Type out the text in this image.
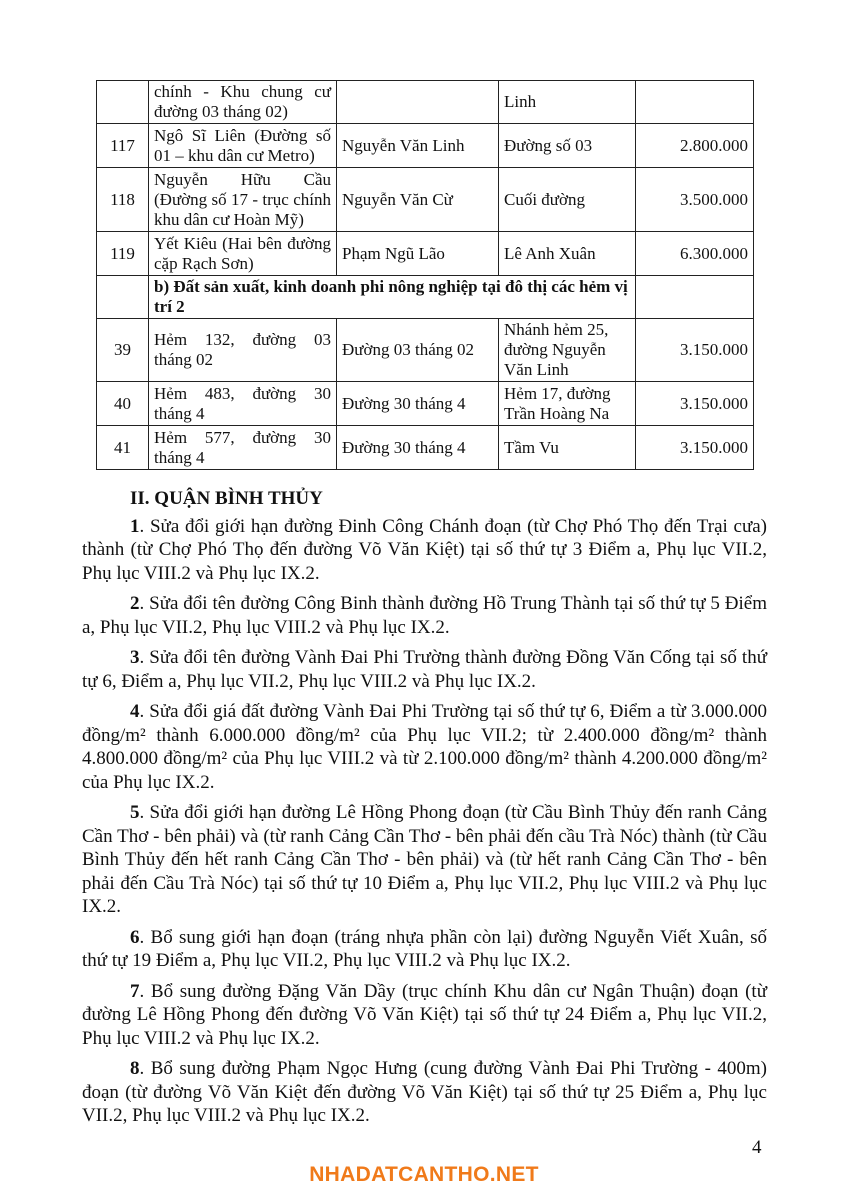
	chính - Khu chung cư đường 03 tháng 02)		Linh	
117	Ngô Sĩ Liên (Đường số 01 – khu dân cư Metro)	Nguyễn Văn Linh	Đường số 03	2.800.000
118	Nguyễn Hữu Cầu (Đường số 17 - trục chính khu dân cư Hoàn Mỹ)	Nguyễn Văn Cừ	Cuối đường	3.500.000
119	Yết Kiêu (Hai bên đường cặp Rạch Sơn)	Phạm Ngũ Lão	Lê Anh Xuân	6.300.000
	b) Đất sản xuất, kinh doanh phi nông nghiệp tại đô thị các hẻm vị trí 2			
39	Hẻm 132, đường 03 tháng 02	Đường 03 tháng 02	Nhánh hẻm 25, đường Nguyễn Văn Linh	3.150.000
40	Hẻm 483, đường 30 tháng 4	Đường 30 tháng 4	Hẻm 17, đường Trần Hoàng Na	3.150.000
41	Hẻm 577, đường 30 tháng 4	Đường 30 tháng 4	Tầm Vu	3.150.000
II. QUẬN BÌNH THỦY

1. Sửa đổi giới hạn đường Đinh Công Chánh đoạn (từ Chợ Phó Thọ đến Trại cưa) thành (từ Chợ Phó Thọ đến đường Võ Văn Kiệt) tại số thứ tự 3 Điểm a, Phụ lục VII.2, Phụ lục VIII.2 và Phụ lục IX.2.

2. Sửa đổi tên đường Công Binh thành đường Hồ Trung Thành tại số thứ tự 5 Điểm a, Phụ lục VII.2, Phụ lục VIII.2 và Phụ lục IX.2.

3. Sửa đổi tên đường Vành Đai Phi Trường thành đường Đồng Văn Cống tại số thứ tự 6, Điểm a, Phụ lục VII.2, Phụ lục VIII.2 và Phụ lục IX.2.

4. Sửa đổi giá đất đường Vành Đai Phi Trường tại số thứ tự 6, Điểm a từ 3.000.000 đồng/m² thành 6.000.000 đồng/m² của Phụ lục VII.2; từ 2.400.000 đồng/m² thành 4.800.000 đồng/m² của Phụ lục VIII.2 và từ 2.100.000 đồng/m² thành 4.200.000 đồng/m² của Phụ lục IX.2.

5. Sửa đổi giới hạn đường Lê Hồng Phong đoạn (từ Cầu Bình Thủy đến ranh Cảng Cần Thơ - bên phải) và (từ ranh Cảng Cần Thơ - bên phải đến cầu Trà Nóc) thành (từ Cầu Bình Thủy đến hết ranh Cảng Cần Thơ - bên phải) và (từ hết ranh Cảng Cần Thơ - bên phải đến Cầu Trà Nóc) tại số thứ tự 10 Điểm a, Phụ lục VII.2, Phụ lục VIII.2 và Phụ lục IX.2.

6. Bổ sung giới hạn đoạn (tráng nhựa phần còn lại) đường Nguyễn Viết Xuân, số thứ tự 19 Điểm a, Phụ lục VII.2, Phụ lục VIII.2 và Phụ lục IX.2.

7. Bổ sung đường Đặng Văn Dầy (trục chính Khu dân cư Ngân Thuận) đoạn (từ đường Lê Hồng Phong đến đường Võ Văn Kiệt) tại số thứ tự 24 Điểm a, Phụ lục VII.2, Phụ lục VIII.2 và Phụ lục IX.2.

8. Bổ sung đường Phạm Ngọc Hưng (cung đường Vành Đai Phi Trường - 400m) đoạn (từ đường Võ Văn Kiệt đến đường Võ Văn Kiệt) tại số thứ tự 25 Điểm a, Phụ lục VII.2, Phụ lục VIII.2 và Phụ lục IX.2.

4
NHADATCANTHO.NET
